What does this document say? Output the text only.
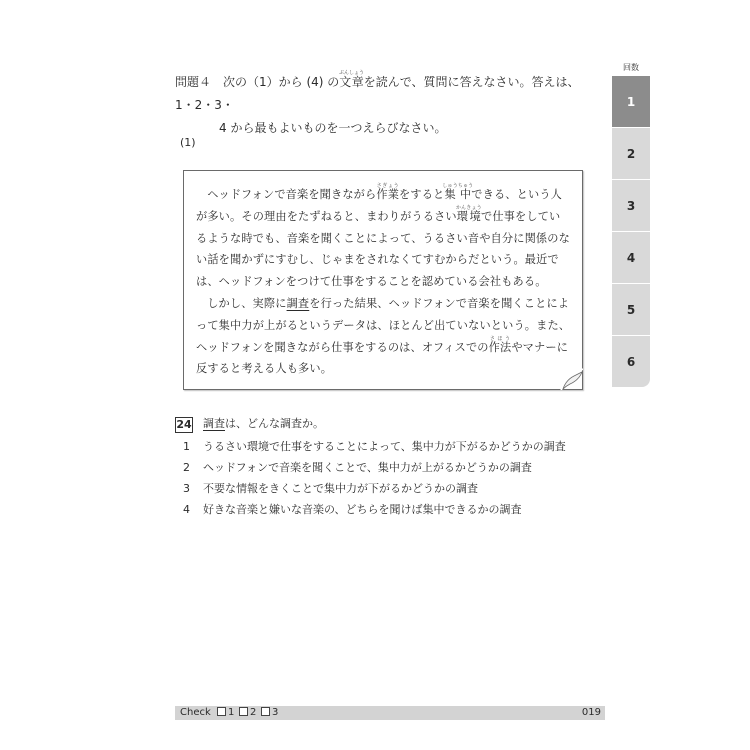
問題４　次の（1）から (4) の文章ぶんしょうを読んで、質問に答えなさい。答えは、1・2・3・
4 から最もよいものを一つえらびなさい。
(1)

ヘッドフォンで音楽を聞きながら作業さぎょうをすると集中しゅうちゅうできる、という人が多い。その理由をたずねると、まわりがうるさい環境かんきょうで仕事をしているような時でも、音楽を聞くことによって、うるさい音や自分に関係のない話を聞かずにすむし、じゃまをされなくてすむからだという。最近では、ヘッドフォンをつけて仕事をすることを認めている会社もある。

しかし、実際に調査を行った結果、ヘッドフォンで音楽を聞くことによって集中力が上がるというデータは、ほとんど出ていないという。また、ヘッドフォンを聞きながら仕事をするのは、オフィスでの作法さほうやマナーに反すると考える人も多い。

24 調査は、どんな調査か。
1 うるさい環境で仕事をすることによって、集中力が下がるかどうかの調査
2 ヘッドフォンで音楽を聞くことで、集中力が上がるかどうかの調査
3 不要な情報をきくことで集中力が下がるかどうかの調査
4 好きな音楽と嫌いな音楽の、どちらを聞けば集中できるかの調査
回数
1
2
3
4
5
6
Check	1	2	3	019
